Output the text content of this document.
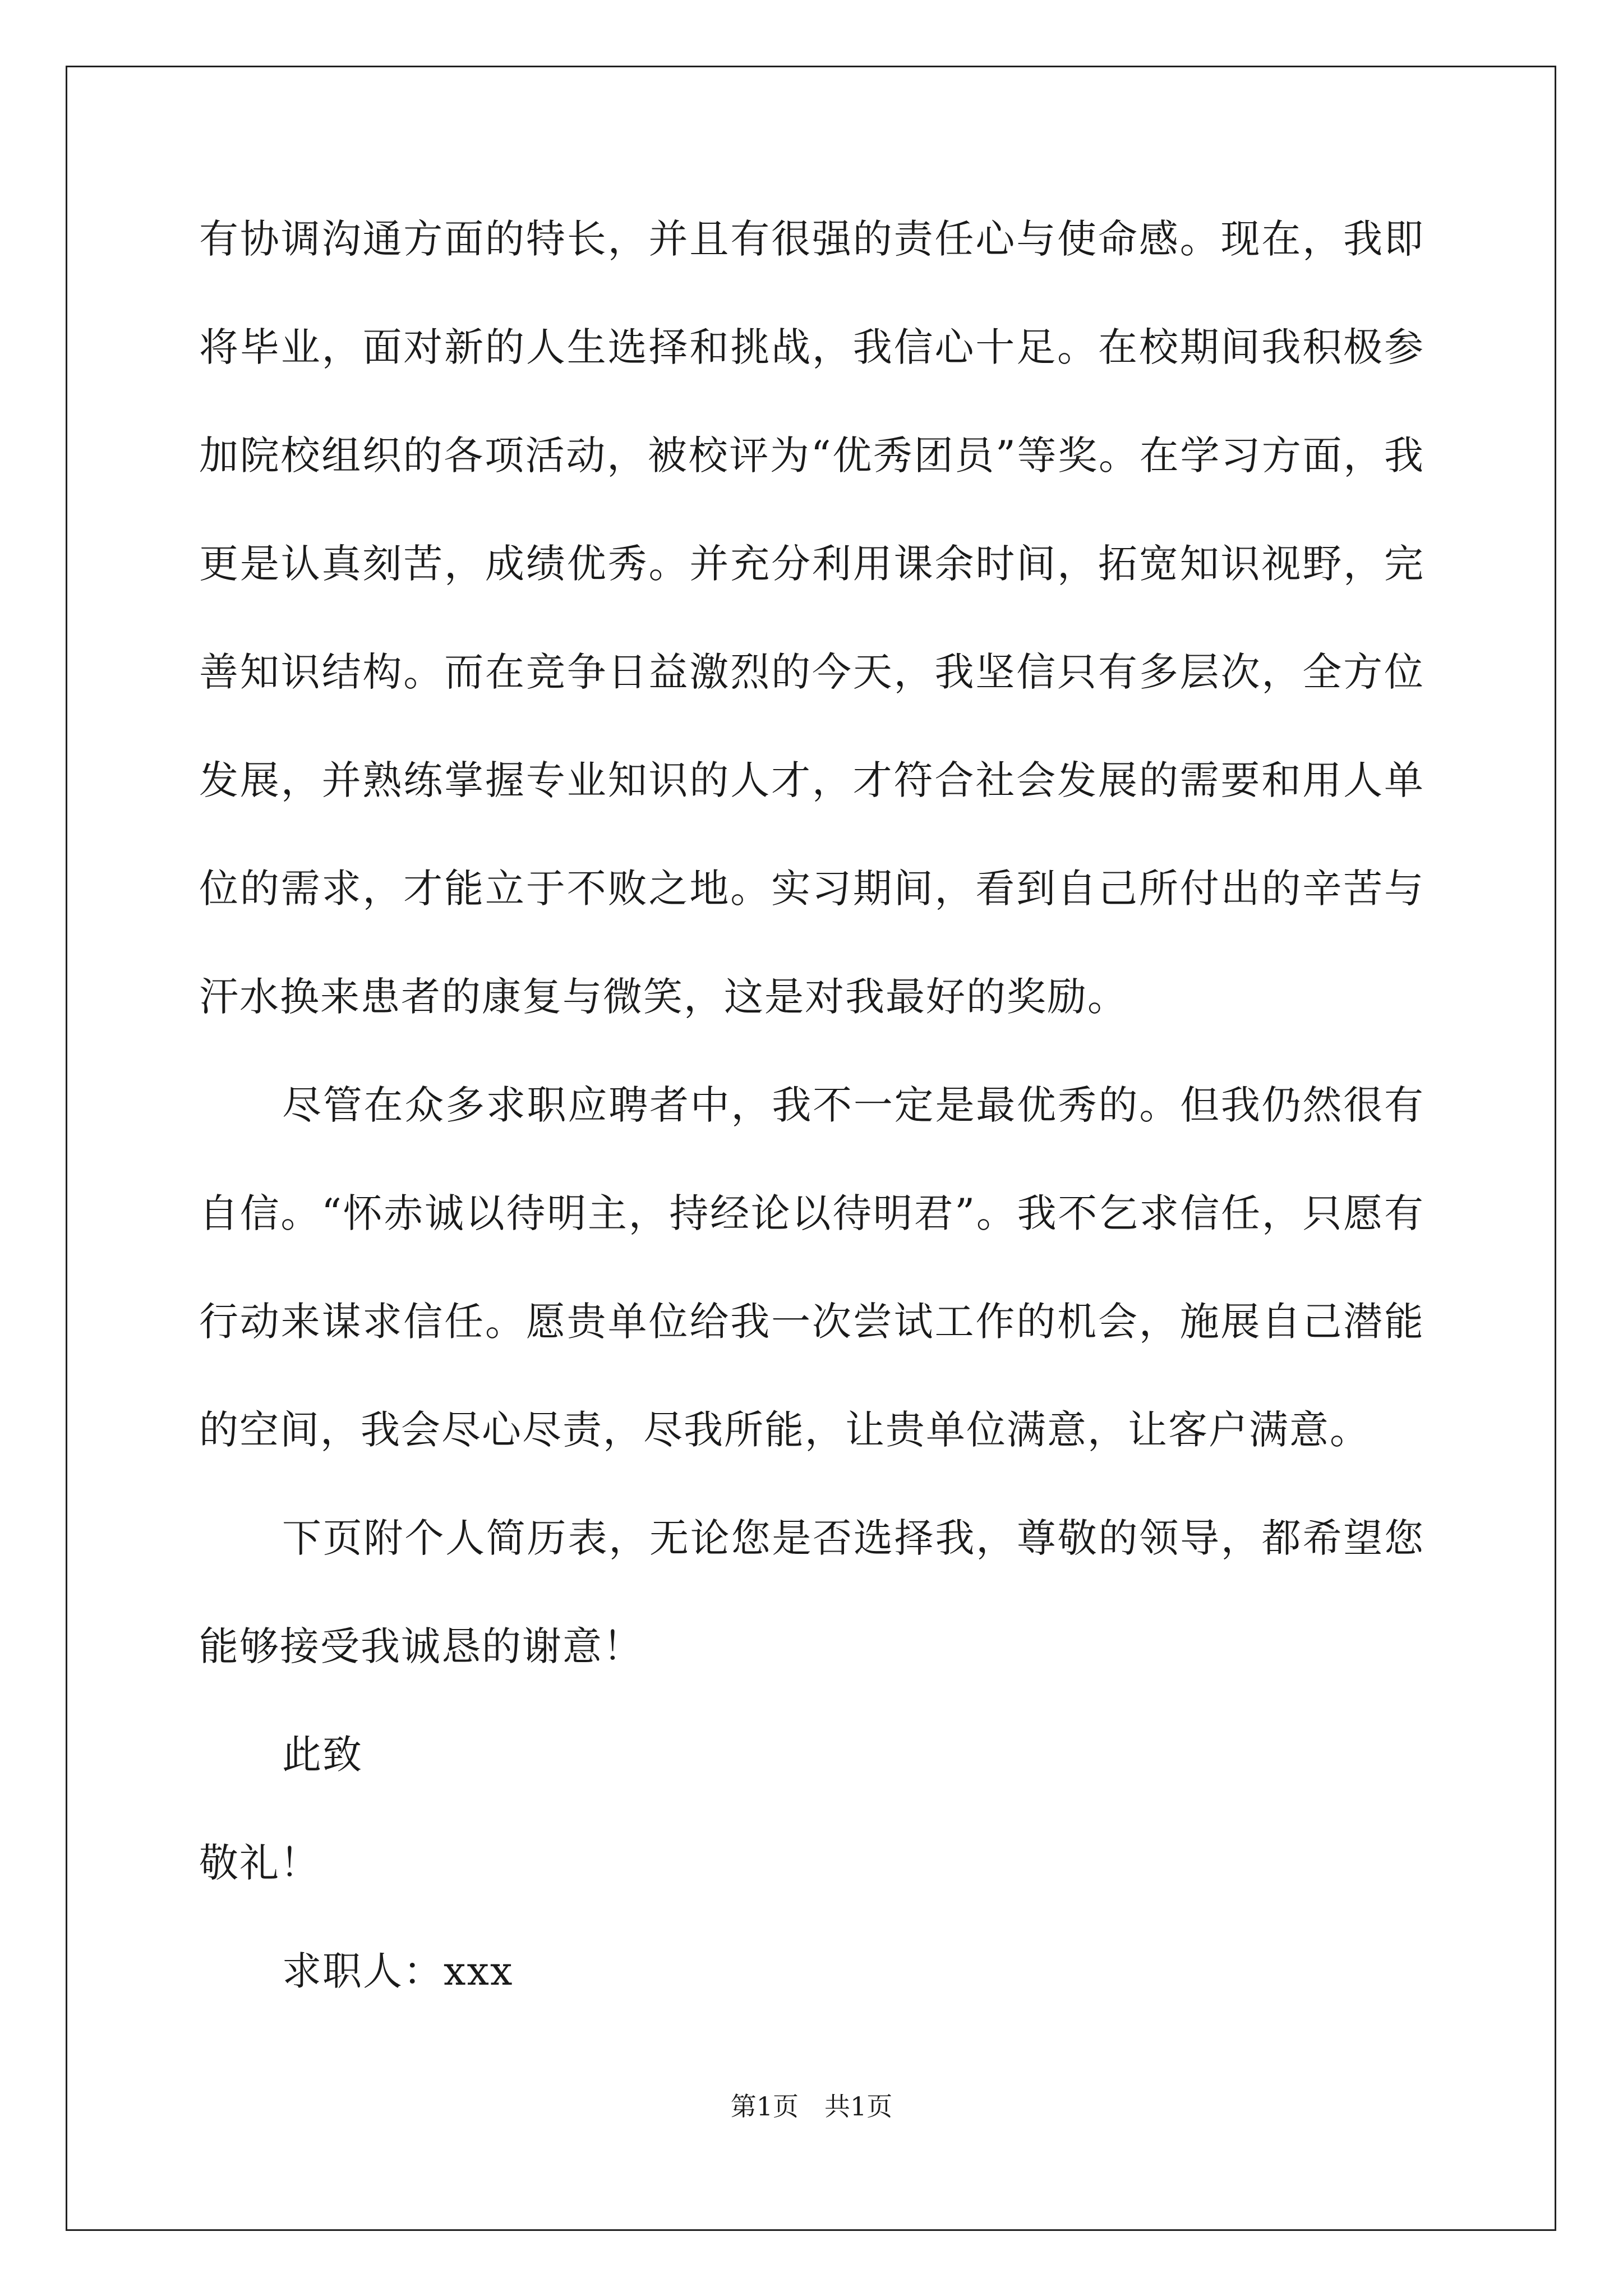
有协调沟通方面的特长，并且有很强的责任心与使命感。现在，我即将毕业，面对新的人生选择和挑战，我信心十足。在校期间我积极参加院校组织的各项活动，被校评为“优秀团员”等奖。在学习方面，我更是认真刻苦，成绩优秀。并充分利用课余时间，拓宽知识视野，完善知识结构。而在竞争日益激烈的今天，我坚信只有多层次，全方位发展，并熟练掌握专业知识的人才，才符合社会发展的需要和用人单位的需求，才能立于不败之地。实习期间，看到自己所付出的辛苦与汗水换来患者的康复与微笑，这是对我最好的奖励。

尽管在众多求职应聘者中，我不一定是最优秀的。但我仍然很有自信。“怀赤诚以待明主，持经论以待明君”。我不乞求信任，只愿有行动来谋求信任。愿贵单位给我一次尝试工作的机会，施展自己潜能的空间，我会尽心尽责，尽我所能，让贵单位满意，让客户满意。

下页附个人简历表，无论您是否选择我，尊敬的领导，都希望您能够接受我诚恳的谢意！

此致

敬礼！

求职人：xxx

第1页　共1页
